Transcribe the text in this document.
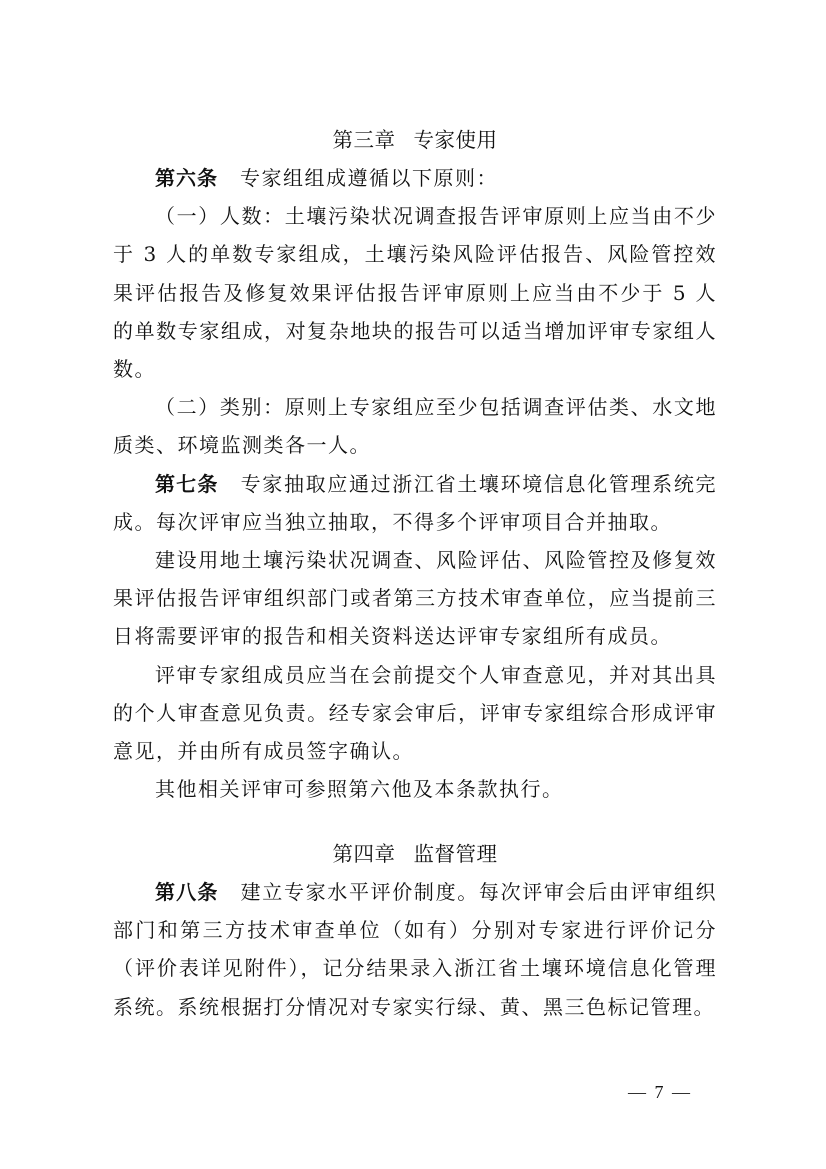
第三章 专家使用

第六条 专家组组成遵循以下原则：

（一）人数：土壤污染状况调查报告评审原则上应当由不少于 3 人的单数专家组成，土壤污染风险评估报告、风险管控效果评估报告及修复效果评估报告评审原则上应当由不少于 5 人的单数专家组成，对复杂地块的报告可以适当增加评审专家组人数。

（二）类别：原则上专家组应至少包括调查评估类、水文地质类、环境监测类各一人。

第七条 专家抽取应通过浙江省土壤环境信息化管理系统完成。每次评审应当独立抽取，不得多个评审项目合并抽取。

建设用地土壤污染状况调查、风险评估、风险管控及修复效果评估报告评审组织部门或者第三方技术审查单位，应当提前三日将需要评审的报告和相关资料送达评审专家组所有成员。

评审专家组成员应当在会前提交个人审查意见，并对其出具的个人审查意见负责。经专家会审后，评审专家组综合形成评审意见，并由所有成员签字确认。

其他相关评审可参照第六他及本条款执行。

第四章 监督管理

第八条 建立专家水平评价制度。每次评审会后由评审组织部门和第三方技术审查单位（如有）分别对专家进行评价记分（评价表详见附件），记分结果录入浙江省土壤环境信息化管理系统。系统根据打分情况对专家实行绿、黄、黑三色标记管理。

— 7 —
